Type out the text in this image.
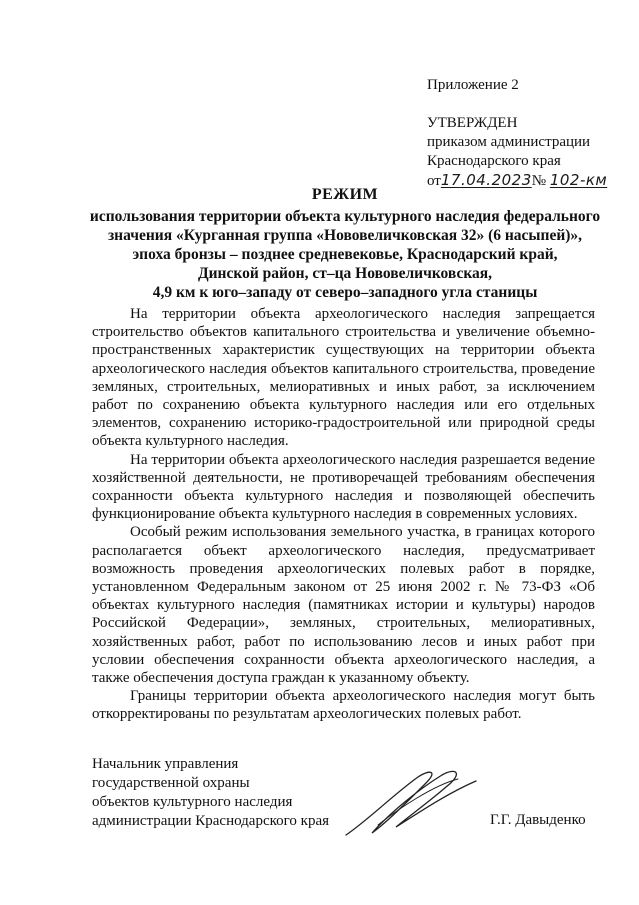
Приложение 2
УТВЕРЖДЕН
приказом администрации
Краснодарского края
от17.04.2023№ 102-км
РЕЖИМ
использования территории объекта культурного наследия федерального
значения «Курганная группа «Нововеличковская 32» (6 насыпей)»,
эпоха бронзы – позднее средневековье, Краснодарский край,
Динской район, ст–ца Нововеличковская,
4,9 км к юго–западу от северо–западного угла станицы

На территории объекта археологического наследия запрещается строительство объектов капитального строительства и увеличение объемно-пространственных характеристик существующих на территории объекта археологического наследия объектов капитального строительства, проведение земляных, строительных, мелиоративных и иных работ, за исключением работ по сохранению объекта культурного наследия или его отдельных элементов, сохранению историко-градостроительной или природной среды объекта культурного наследия.

На территории объекта археологического наследия разрешается ведение хозяйственной деятельности, не противоречащей требованиям обеспечения сохранности объекта культурного наследия и позволяющей обеспечить функционирование объекта культурного наследия в современных условиях.

Особый режим использования земельного участка, в границах которого располагается объект археологического наследия, предусматривает возможность проведения археологических полевых работ в порядке, установленном Федеральным законом от 25 июня 2002 г. № 73-ФЗ «Об объектах культурного наследия (памятниках истории и культуры) народов Российской Федерации», земляных, строительных, мелиоративных, хозяйственных работ, работ по использованию лесов и иных работ при условии обеспечения сохранности объекта археологического наследия, а также обеспечения доступа граждан к указанному объекту.

Границы территории объекта археологического наследия могут быть откорректированы по результатам археологических полевых работ.

Начальник управления
государственной охраны
объектов культурного наследия
администрации Краснодарского края	Г.Г. Давыденко
